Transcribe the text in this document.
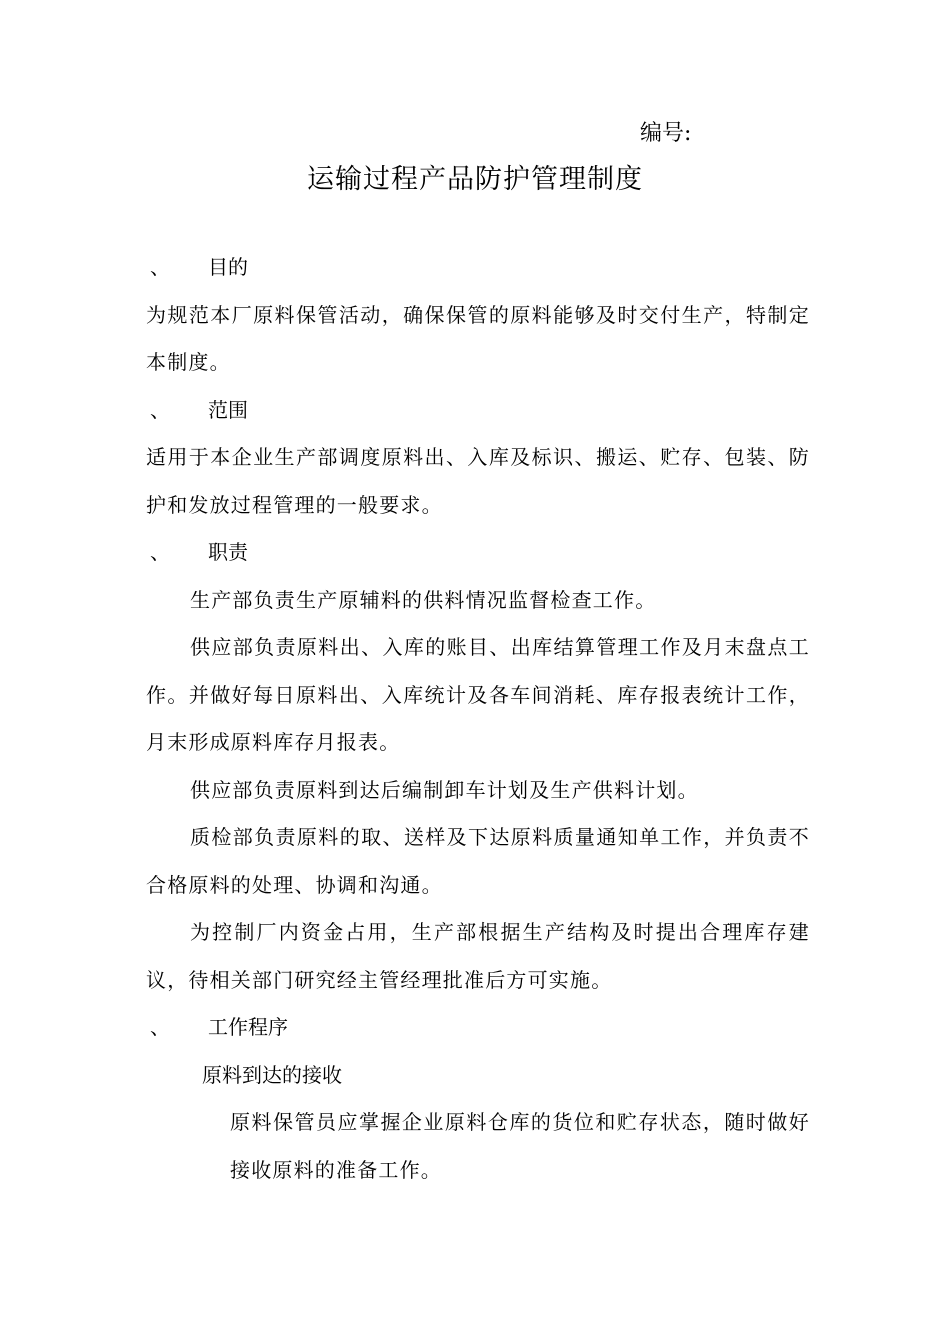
编号:
运输过程产品防护管理制度
、 目的

为规范本厂原料保管活动，确保保管的原料能够及时交付生产，特制定本制度。

、 范围

适用于本企业生产部调度原料出、入库及标识、搬运、贮存、包装、防护和发放过程管理的一般要求。

、 职责

生产部负责生产原辅料的供料情况监督检查工作。

供应部负责原料出、入库的账目、出库结算管理工作及月末盘点工作。并做好每日原料出、入库统计及各车间消耗、库存报表统计工作，月末形成原料库存月报表。

供应部负责原料到达后编制卸车计划及生产供料计划。

质检部负责原料的取、送样及下达原料质量通知单工作，并负责不合格原料的处理、协调和沟通。

为控制厂内资金占用，生产部根据生产结构及时提出合理库存建议，待相关部门研究经主管经理批准后方可实施。

、 工作程序
原料到达的接收

原料保管员应掌握企业原料仓库的货位和贮存状态，随时做好接收原料的准备工作。
